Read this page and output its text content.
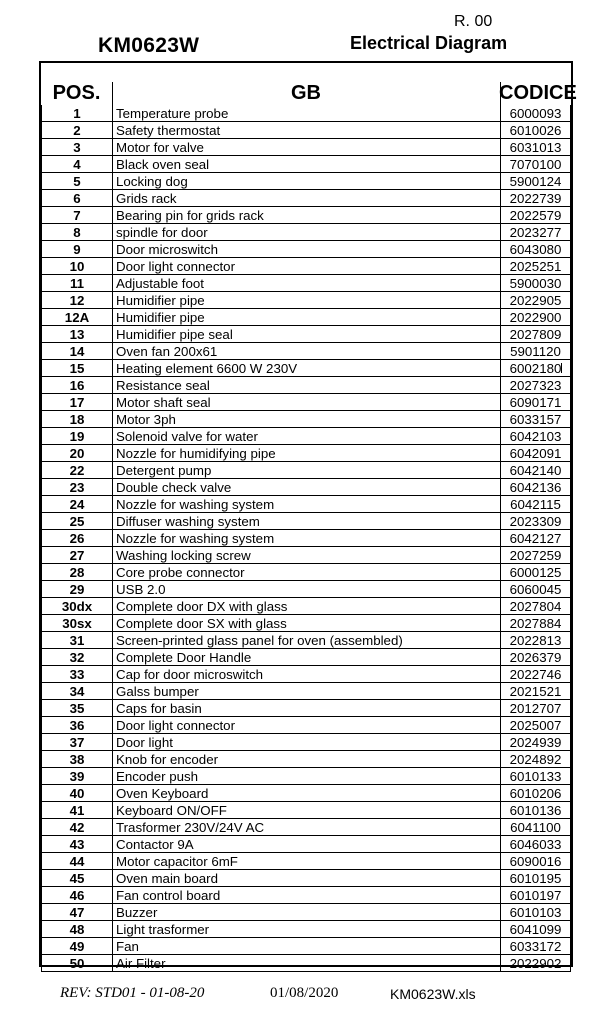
R. 00
KM0623W	Electrical Diagram
POS.	GB	CODICE
1	Temperature probe	6000093
2	Safety thermostat	6010026
3	Motor for valve	6031013
4	Black oven seal	7070100
5	Locking dog	5900124
6	Grids rack	2022739
7	Bearing pin for grids rack	2022579
8	spindle for door	2023277
9	Door microswitch	6043080
10	Door light connector	2025251
11	Adjustable foot	5900030
12	Humidifier pipe	2022905
12A	Humidifier pipe	2022900
13	Humidifier pipe seal	2027809
14	Oven fan 200x61	5901120
15	Heating element 6600 W 230V	6002180
16	Resistance seal	2027323
17	Motor shaft seal	6090171
18	Motor 3ph	6033157
19	Solenoid valve for water	6042103
20	Nozzle for humidifying pipe	6042091
22	Detergent pump	6042140
23	Double check valve	6042136
24	Nozzle for washing system	6042115
25	Diffuser washing system	2023309
26	Nozzle for washing system	6042127
27	Washing locking screw	2027259
28	Core probe connector	6000125
29	USB 2.0	6060045
30dx	Complete door DX with glass	2027804
30sx	Complete door SX with glass	2027884
31	Screen-printed glass panel for oven (assembled)	2022813
32	Complete Door Handle	2026379
33	Cap for door microswitch	2022746
34	Galss bumper	2021521
35	Caps for basin	2012707
36	Door light connector	2025007
37	Door light	2024939
38	Knob for encoder	2024892
39	Encoder push	6010133
40	Oven Keyboard	6010206
41	Keyboard ON/OFF	6010136
42	Trasformer 230V/24V AC	6041100
43	Contactor 9A	6046033
44	Motor capacitor 6mF	6090016
45	Oven main board	6010195
46	Fan control board	6010197
47	Buzzer	6010103
48	Light trasformer	6041099
49	Fan	6033172
50	Air Filter	2022902
REV: STD01 - 01-08-20	01/08/2020	KM0623W.xls
